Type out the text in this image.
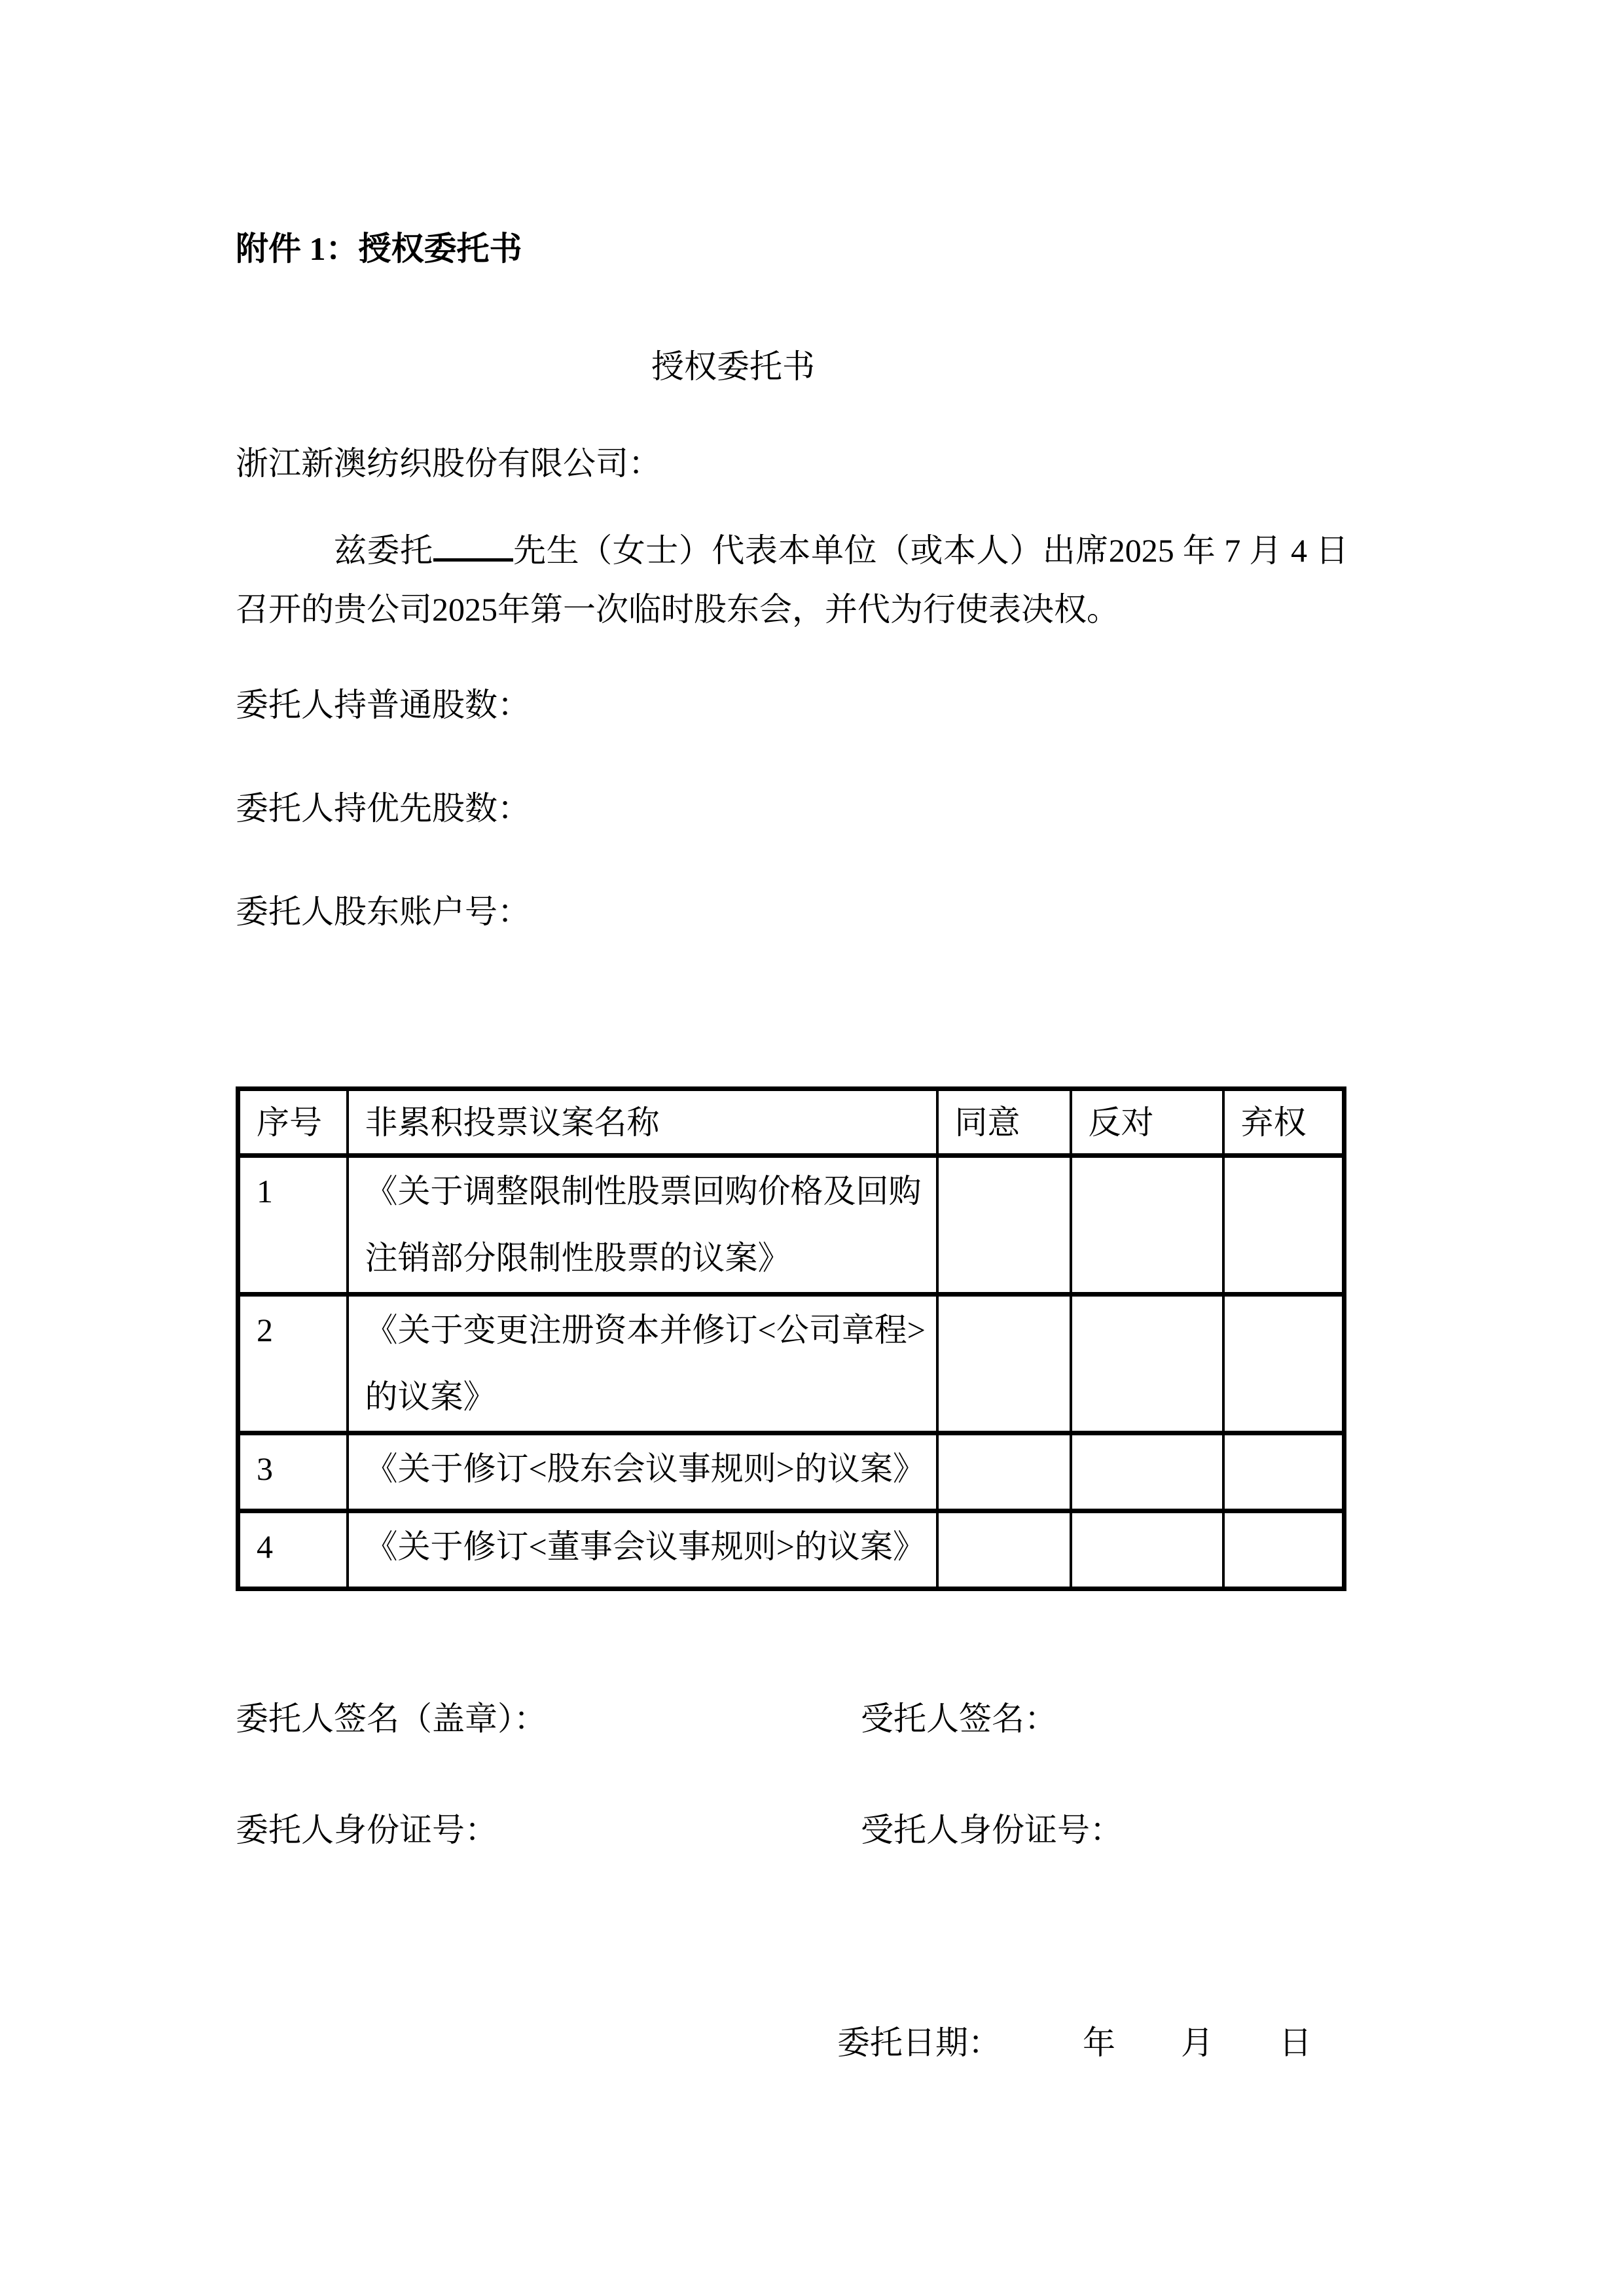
附件 1：授权委托书

授权委托书

浙江新澳纺织股份有限公司：

兹委托 先生（女士）代表本单位（或本人）出席2025 年 7 月 4 日召开的贵公司2025年第一次临时股东会，并代为行使表决权。

委托人持普通股数：

委托人持优先股数：

委托人股东账户号：

序号	非累积投票议案名称	同意	反对	弃权
1	《关于调整限制性股票回购价格及回购注销部分限制性股票的议案》			
2	《关于变更注册资本并修订<公司章程>的议案》			
3	《关于修订<股东会议事规则>的议案》			
4	《关于修订<董事会议事规则>的议案》			
委托人签名（盖章）：	受托人签名：
委托人身份证号：	受托人身份证号：

委托日期：　　　年　　月　　日
